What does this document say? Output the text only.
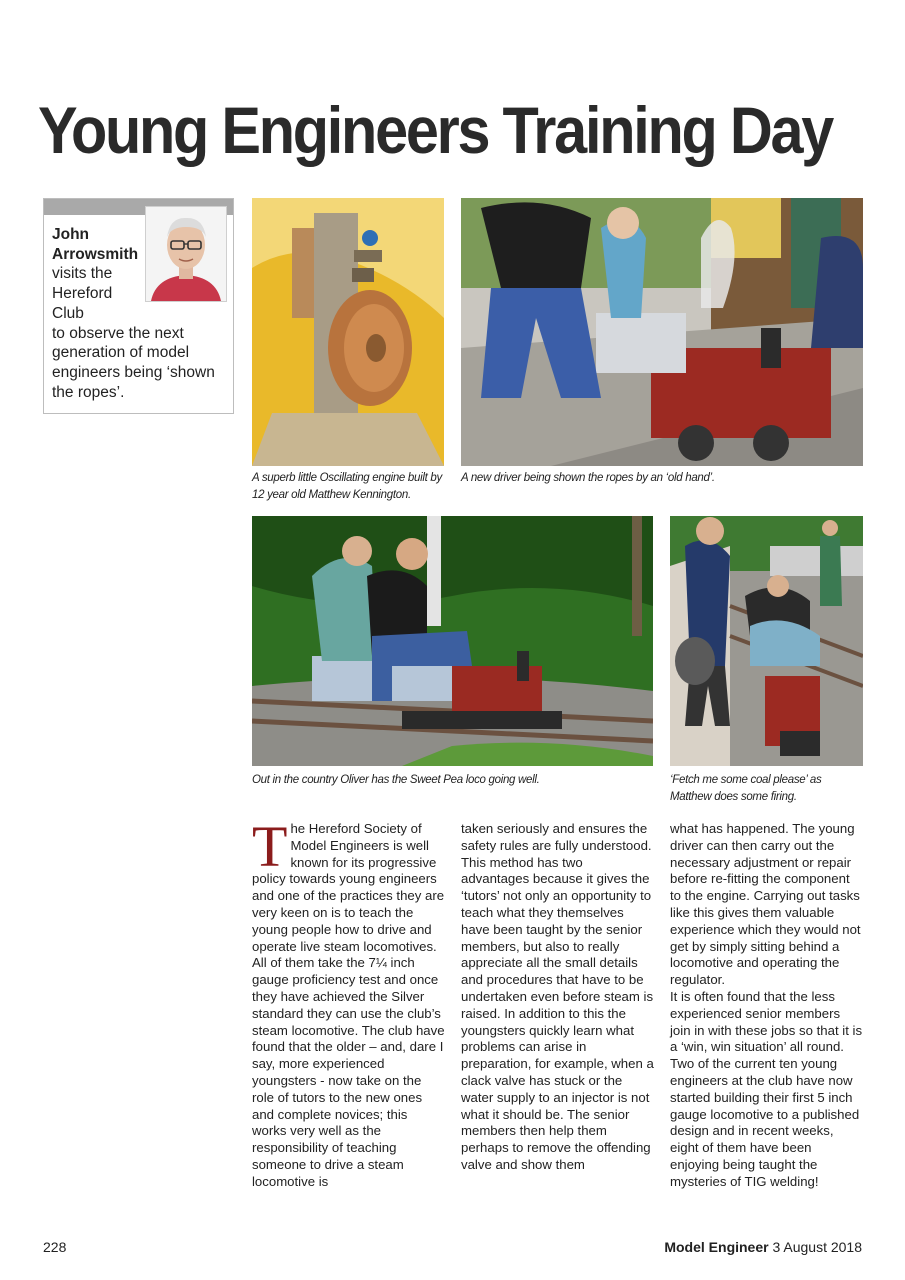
Young Engineers Training Day

John Arrowsmith
visits the
Hereford
Club
to observe the next generation of model engineers being ‘shown the ropes’.

A superb little Oscillating engine built by 12 year old Matthew Kennington.

A new driver being shown the ropes by an ‘old hand’.

Out in the country Oliver has the Sweet Pea loco going well.	‘Fetch me some coal please’ as Matthew does some firing.

The Hereford Society of Model Engineers is well known for its progressive policy towards young engineers and one of the practices they are very keen on is to teach the young people how to drive and operate live steam locomotives. All of them take the 7¼ inch gauge proficiency test and once they have achieved the Silver standard they can use the club’s steam locomotive. The club have found that the older – and, dare I say, more experienced youngsters - now take on the role of tutors to the new ones and complete novices; this works very well as the responsibility of teaching someone to drive a steam locomotive is

taken seriously and ensures the safety rules are fully understood.
This method has two advantages because it gives the ‘tutors’ not only an opportunity to teach what they themselves have been taught by the senior members, but also to really appreciate all the small details and procedures that have to be undertaken even before steam is raised. In addition to this the youngsters quickly learn what problems can arise in preparation, for example, when a clack valve has stuck or the water supply to an injector is not what it should be. The senior members then help them perhaps to remove the offending valve and show them

what has happened. The young driver can then carry out the necessary adjustment or repair before re-fitting the component to the engine. Carrying out tasks like this gives them valuable experience which they would not get by simply sitting behind a locomotive and operating the regulator.
It is often found that the less experienced senior members join in with these jobs so that it is a ‘win, win situation’ all round. Two of the current ten young engineers at the club have now started building their first 5 inch gauge locomotive to a published design and in recent weeks, eight of them have been enjoying being taught the mysteries of TIG welding!

228	Model Engineer 3 August 2018
